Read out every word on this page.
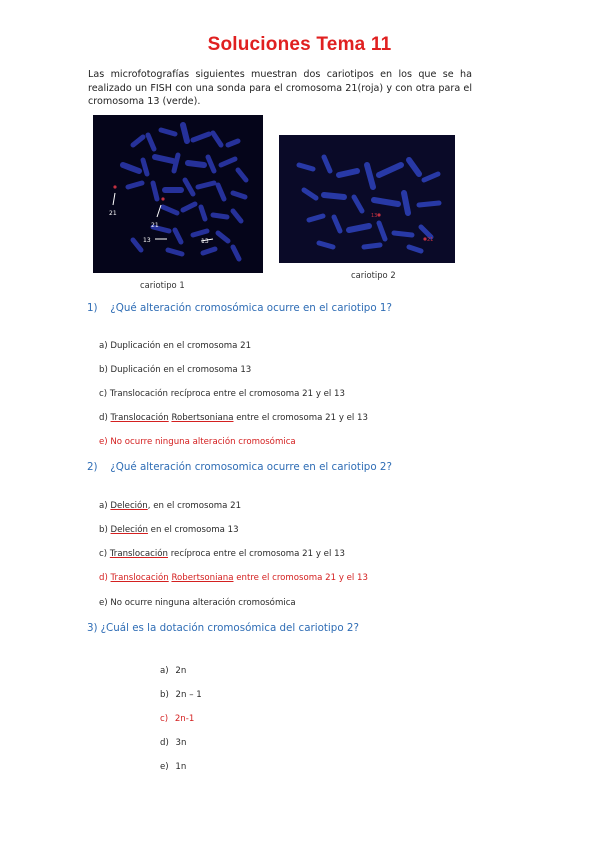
Soluciones Tema 11
Las microfotografías siguientes muestran dos cariotipos en los que se ha realizado un FISH con una sonda para el cromosoma 21(roja) y con otra para el cromosoma 13 (verde).
21
21
13	13
cariotipo 1
13
21
cariotipo 2
1) ¿Qué alteración cromosómica ocurre en el cariotipo 1?
a) Duplicación en el cromosoma 21
b) Duplicación en el cromosoma 13
c) Translocación recíproca entre el cromosoma 21 y el 13
d) Translocación Robertsoniana entre el cromosoma 21 y el 13
e) No ocurre ninguna alteración cromosómica
2) ¿Qué alteración cromosomica ocurre en el cariotipo 2?
a) Deleción, en el cromosoma 21
b) Deleción en el cromosoma 13
c) Translocación recíproca entre el cromosoma 21 y el 13
d) Translocación Robertsoniana entre el cromosoma 21 y el 13
e) No ocurre ninguna alteración cromosómica
3) ¿Cuál es la dotación cromosómica del cariotipo 2?
a) 2n
b) 2n – 1
c) 2n-1
d) 3n
e) 1n
